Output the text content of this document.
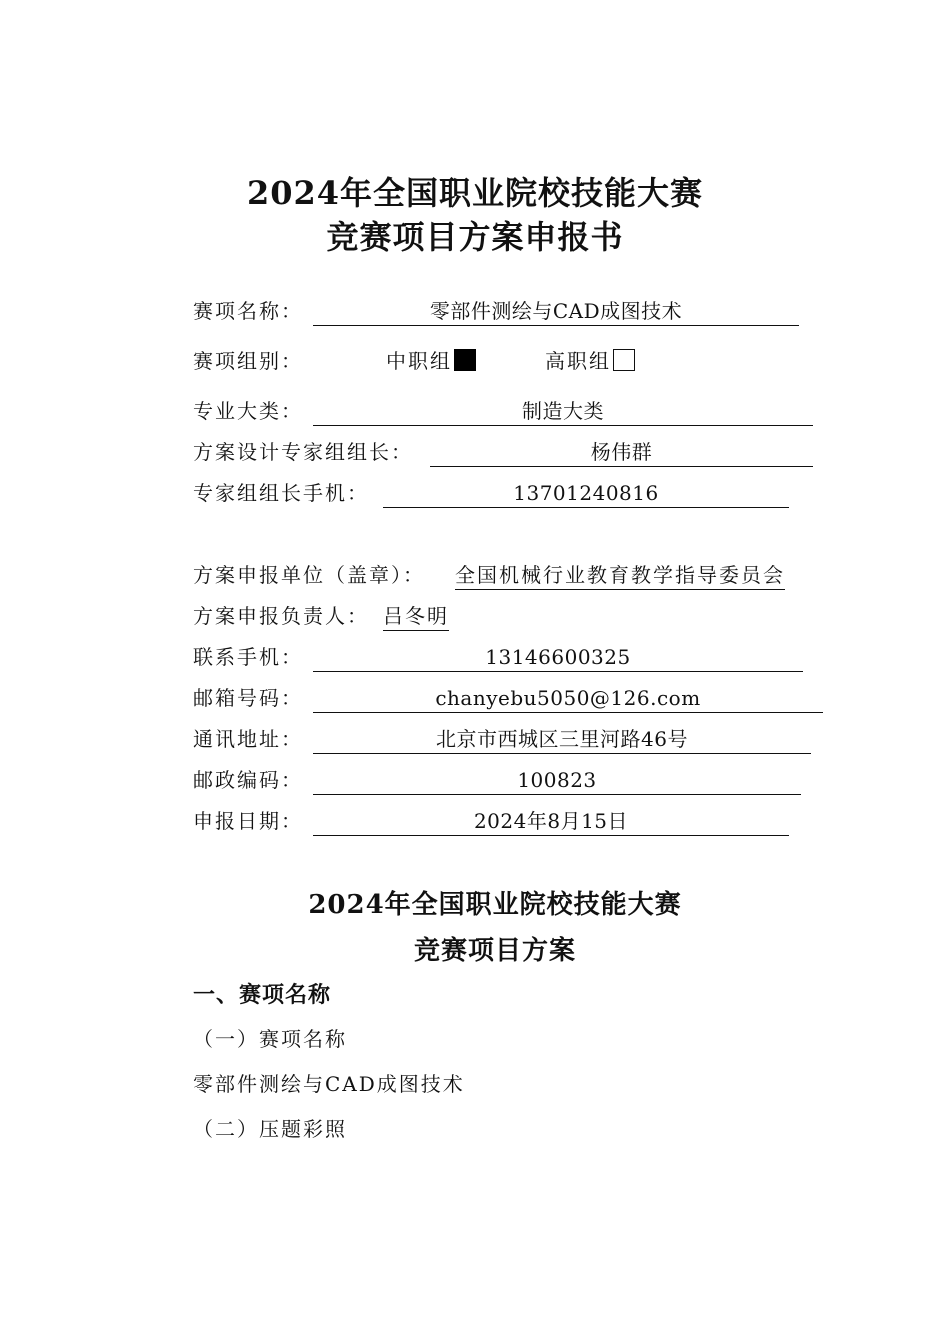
2024年全国职业院校技能大赛
竞赛项目方案申报书
赛项名称：	零部件测绘与CAD成图技术
赛项组别：	中职组	高职组
专业大类：	制造大类
方案设计专家组组长：	杨伟群
专家组组长手机：	13701240816
方案申报单位（盖章）： 全国机械行业教育教学指导委员会
方案申报负责人： 吕冬明
联系手机：	13146600325
邮箱号码：	chanyebu5050@126.com
通讯地址：	北京市西城区三里河路46号
邮政编码：	100823
申报日期：	2024年8月15日
2024年全国职业院校技能大赛
竞赛项目方案
一、赛项名称
（一）赛项名称
零部件测绘与CAD成图技术
（二）压题彩照
